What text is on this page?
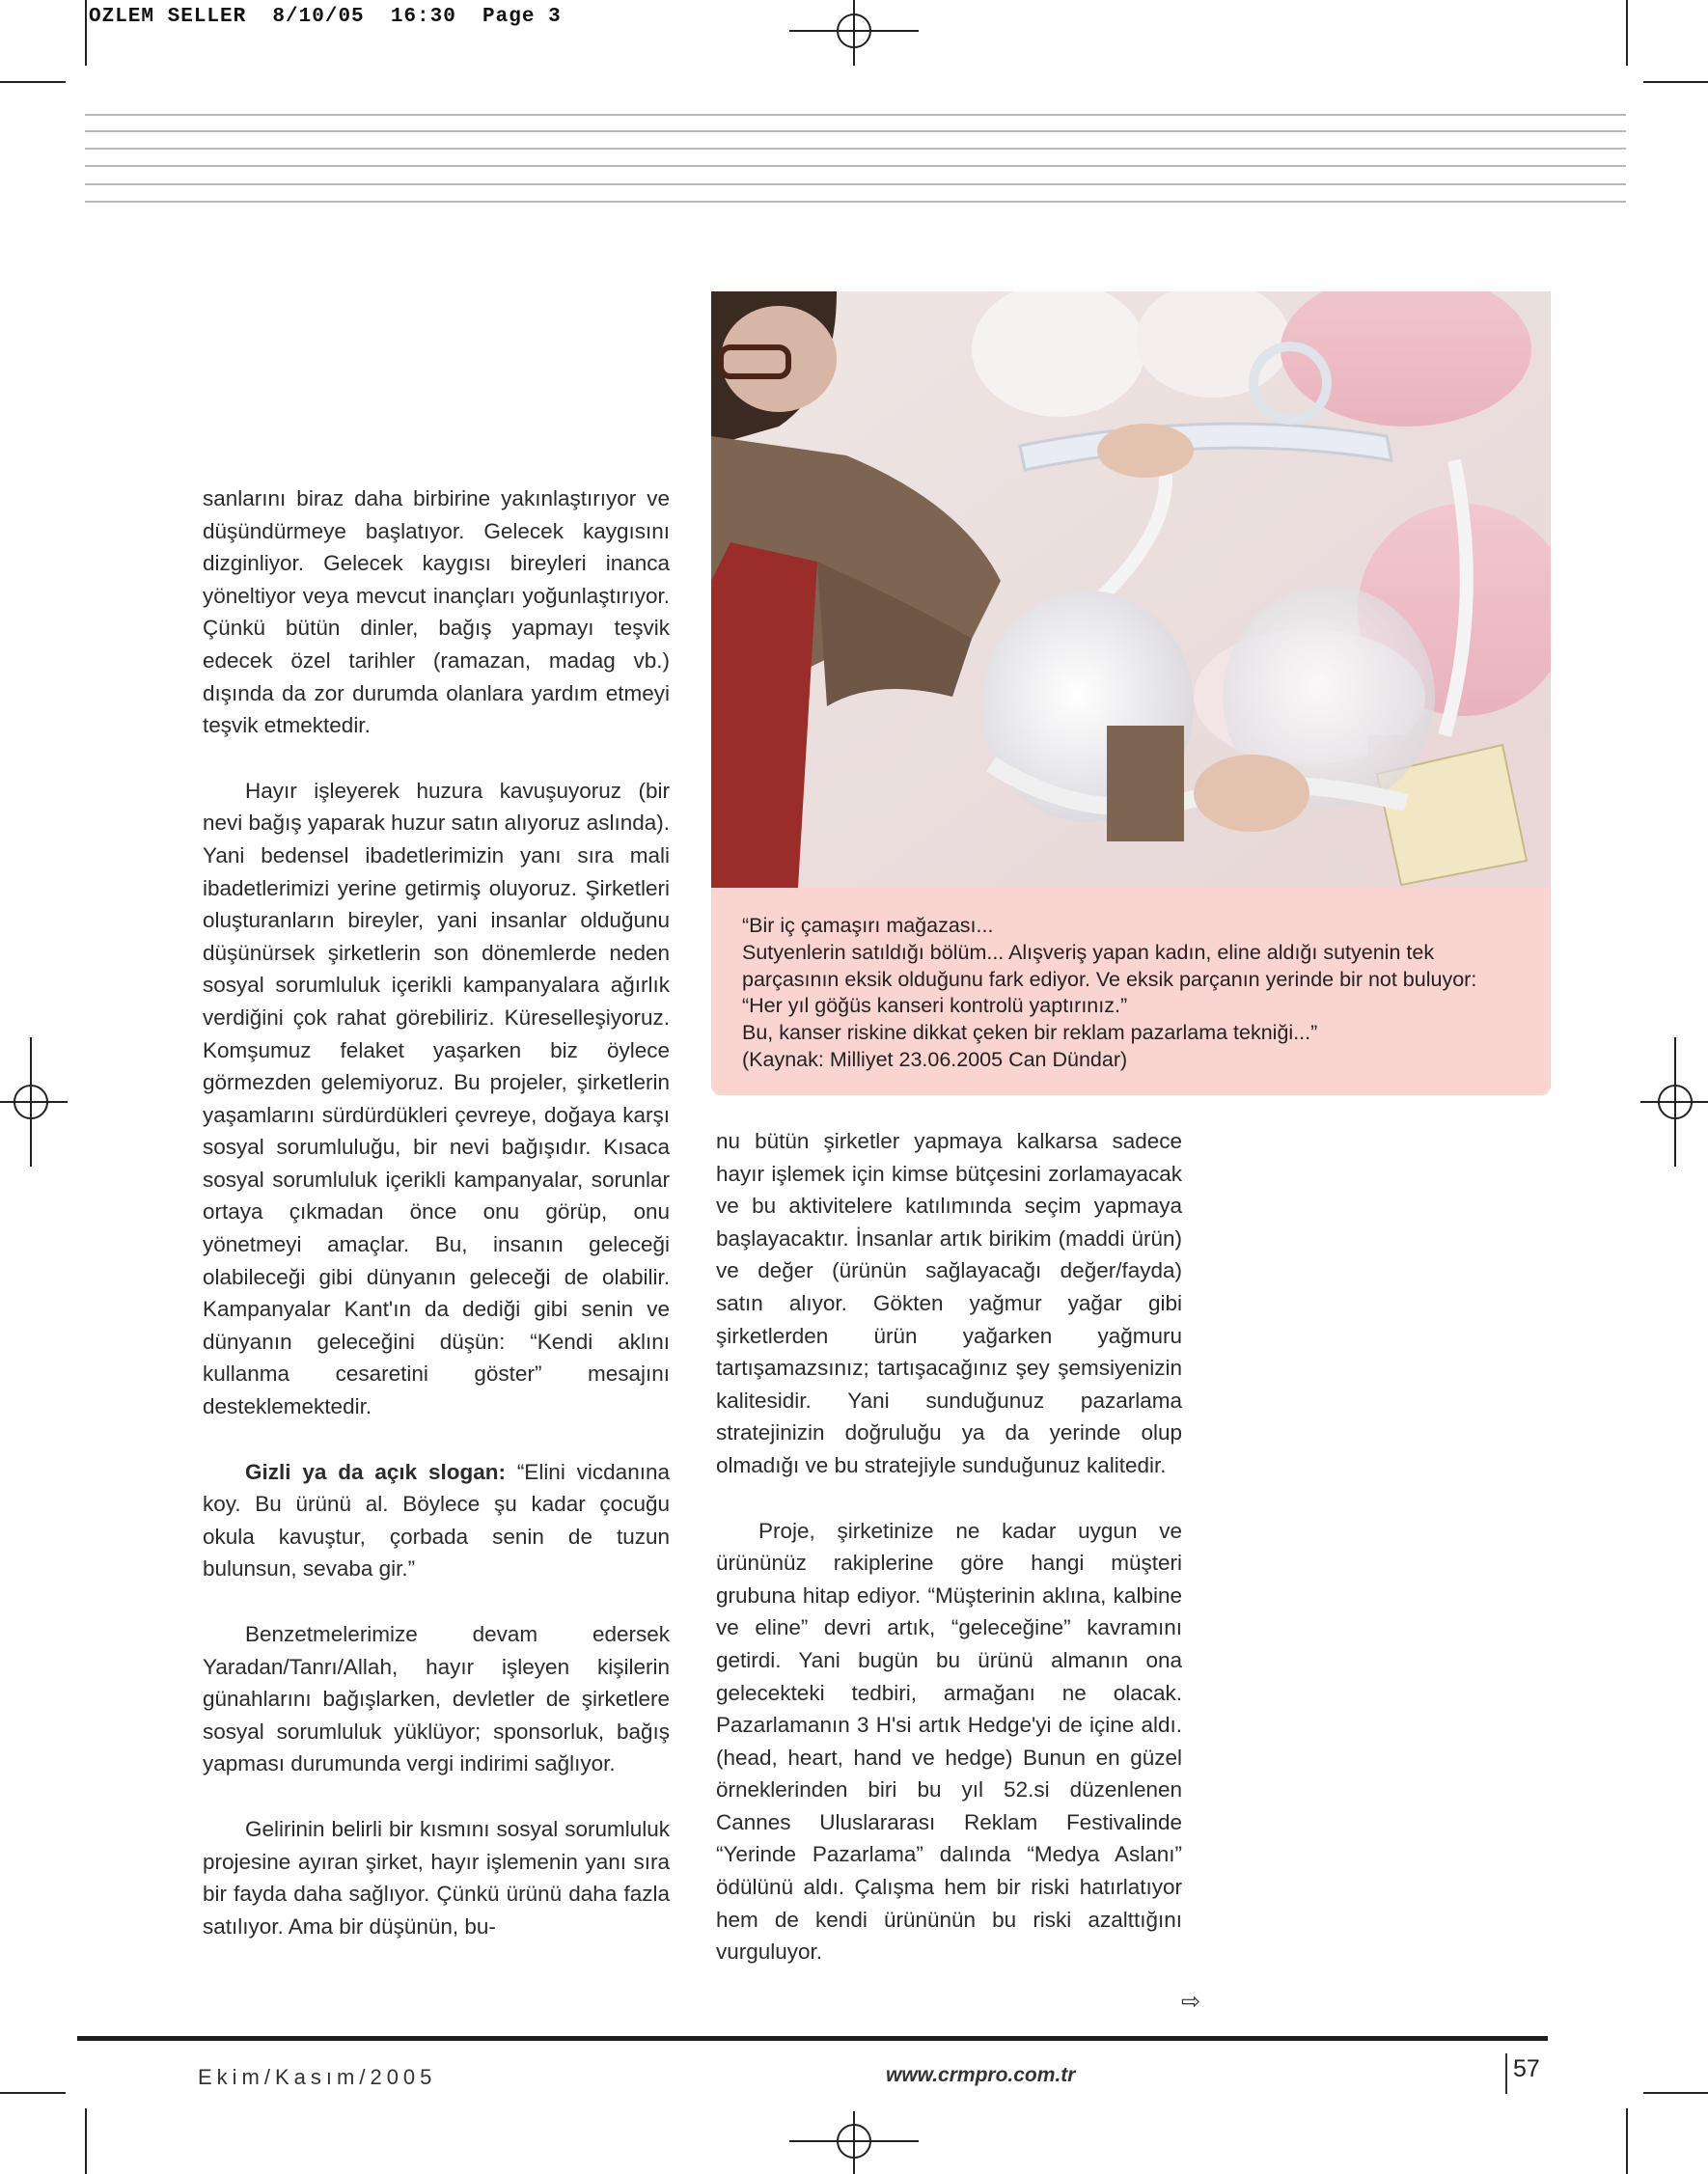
OZLEM SELLER  8/10/05  16:30  Page 3

sanlarını biraz daha birbirine yakınlaştırıyor ve düşündürmeye başlatıyor. Gelecek kaygısını dizginliyor. Gelecek kaygısı bireyleri inanca yöneltiyor veya mevcut inançları yoğunlaştırıyor. Çünkü bütün dinler, bağış yapmayı teşvik edecek özel tarihler (ramazan, madag vb.) dışında da zor durumda olanlara yardım etmeyi teşvik etmektedir.

Hayır işleyerek huzura kavuşuyoruz (bir nevi bağış yaparak huzur satın alıyoruz aslında). Yani bedensel ibadetlerimizin yanı sıra mali ibadetlerimizi yerine getirmiş oluyoruz. Şirketleri oluşturanların bireyler, yani insanlar olduğunu düşünürsek şirketlerin son dönemlerde neden sosyal sorumluluk içerikli kampanyalara ağırlık verdiğini çok rahat görebiliriz. Küreselleşiyoruz. Komşumuz felaket yaşarken biz öylece görmezden gelemiyoruz. Bu projeler, şirketlerin yaşamlarını sürdürdükleri çevreye, doğaya karşı sosyal sorumluluğu, bir nevi bağışıdır. Kısaca sosyal sorumluluk içerikli kampanyalar, sorunlar ortaya çıkmadan önce onu görüp, onu yönetmeyi amaçlar. Bu, insanın geleceği olabileceği gibi dünyanın geleceği de olabilir. Kampanyalar Kant'ın da dediği gibi senin ve dünyanın geleceğini düşün: “Kendi aklını kullanma cesaretini göster” mesajını desteklemektedir.

Gizli ya da açık slogan: “Elini vicdanına koy. Bu ürünü al. Böylece şu kadar çocuğu okula kavuştur, çorbada senin de tuzun bulunsun, sevaba gir.”

Benzetmelerimize devam edersek Yaradan/Tanrı/Allah, hayır işleyen kişilerin günahlarını bağışlarken, devletler de şirketlere sosyal sorumluluk yüklüyor; sponsorluk, bağış yapması durumunda vergi indirimi sağlıyor.

Gelirinin belirli bir kısmını sosyal sorumluluk projesine ayıran şirket, hayır işlemenin yanı sıra bir fayda daha sağlıyor. Çünkü ürünü daha fazla satılıyor. Ama bir düşünün, bu-

“Bir iç çamaşırı mağazası...
Sutyenlerin satıldığı bölüm... Alışveriş yapan kadın, eline aldığı sutyenin tek
parçasının eksik olduğunu fark ediyor. Ve eksik parçanın yerinde bir not buluyor:
“Her yıl göğüs kanseri kontrolü yaptırınız.”
Bu, kanser riskine dikkat çeken bir reklam pazarlama tekniği...”
(Kaynak: Milliyet 23.06.2005 Can Dündar)

nu bütün şirketler yapmaya kalkarsa sadece hayır işlemek için kimse bütçesini zorlamayacak ve bu aktivitelere katılımında seçim yapmaya başlayacaktır. İnsanlar artık birikim (maddi ürün) ve değer (ürünün sağlayacağı değer/fayda) satın alıyor. Gökten yağmur yağar gibi şirketlerden ürün yağarken yağmuru tartışamazsınız; tartışacağınız şey şemsiyenizin kalitesidir. Yani sunduğunuz pazarlama stratejinizin doğruluğu ya da yerinde olup olmadığı ve bu stratejiyle sunduğunuz kalitedir.

Proje, şirketinize ne kadar uygun ve ürününüz rakiplerine göre hangi müşteri grubuna hitap ediyor. “Müşterinin aklına, kalbine ve eline” devri artık, “geleceğine” kavramını getirdi. Yani bugün bu ürünü almanın ona gelecekteki tedbiri, armağanı ne olacak. Pazarlamanın 3 H'si artık Hedge'yi de içine aldı. (head, heart, hand ve hedge) Bunun en güzel örneklerinden biri bu yıl 52.si düzenlenen Cannes Uluslararası Reklam Festivalinde “Yerinde Pazarlama” dalında “Medya Aslanı” ödülünü aldı. Çalışma hem bir riski hatırlatıyor hem de kendi ürününün bu riski azalttığını vurguluyor.

⇨
Ekim/Kasım/2005	www.crmpro.com.tr	57
